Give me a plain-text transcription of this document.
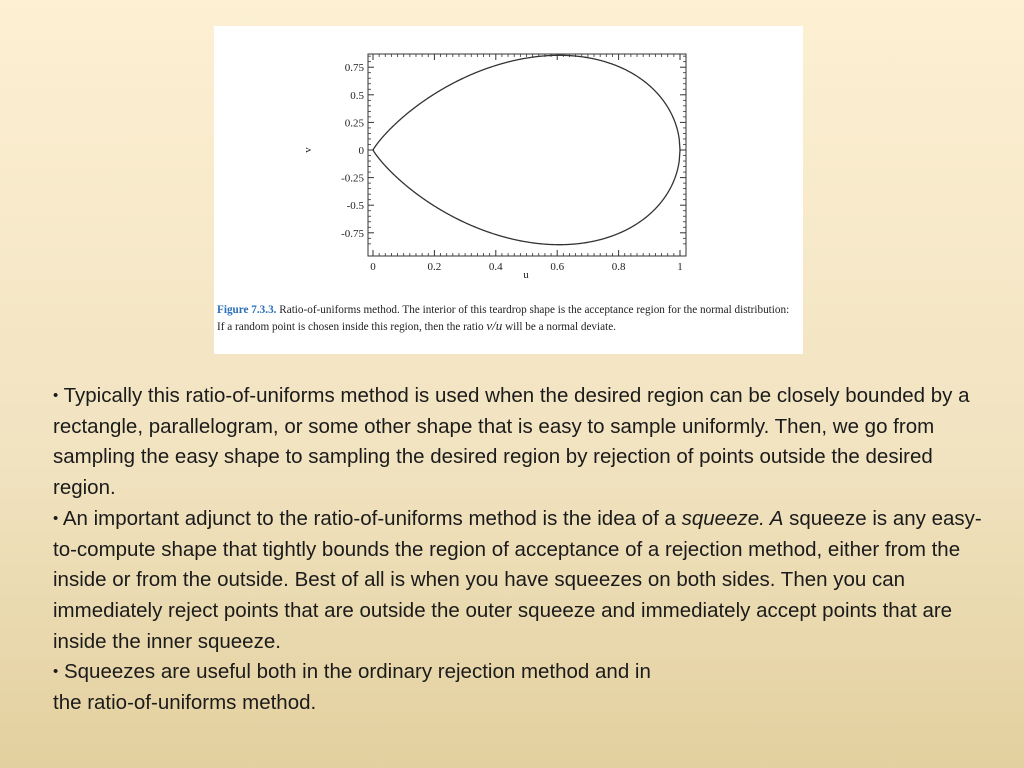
0	0.2	0.4	0.6	0.8	1
0.75
0.5
0.25
0
-0.25
-0.5
-0.75
v
u
Figure 7.3.3. Ratio-of-uniforms method. The interior of this teardrop shape is the acceptance region for the normal distribution: If a random point is chosen inside this region, then the ratio v/u will be a normal deviate.

• Typically this ratio-of-uniforms method is used when the desired region can be closely bounded by a rectangle, parallelogram, or some other shape that is easy to sample uniformly. Then, we go from sampling the easy shape to sampling the desired region by rejection of points outside the desired region.

• An important adjunct to the ratio-of-uniforms method is the idea of a squeeze. A squeeze is any easy-to-compute shape that tightly bounds the region of acceptance of a rejection method, either from the inside or from the outside. Best of all is when you have squeezes on both sides. Then you can immediately reject points that are outside the outer squeeze and immediately accept points that are inside the inner squeeze.

• Squeezes are useful both in the ordinary rejection method and in
the ratio-of-uniforms method.
